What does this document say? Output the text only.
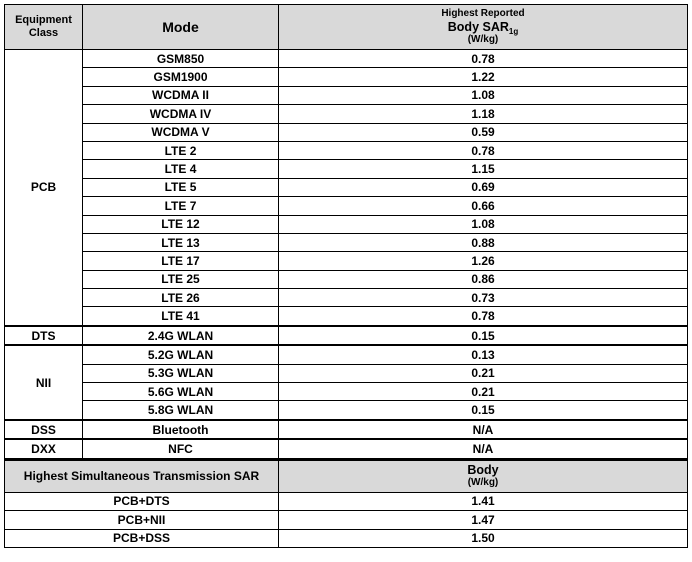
Equipment Class	Mode	Highest Reported
Body $SAR_{1g}$
(W/kg)

PCB	GSM850	0.78
	GSM1900	1.22
	WCDMA II	1.08
	WCDMA IV	1.18
	WCDMA V	0.59
	LTE 2	0.78
	LTE 4	1.15
	LTE 5	0.69
	LTE 7	0.66
	LTE 12	1.08
	LTE 13	0.88
	LTE 17	1.26
	LTE 25	0.86
	LTE 26	0.73
	LTE 41	0.78
DTS	2.4G WLAN	0.15
NII	5.2G WLAN	0.13
	5.3G WLAN	0.21
	5.6G WLAN	0.21
	5.8G WLAN	0.15
DSS	Bluetooth	N/A
DXX	NFC	N/A
Highest Simultaneous Transmission SAR		Body
(W/kg)

PCB+DTS		1.41
PCB+NII		1.47
PCB+DSS		1.50
